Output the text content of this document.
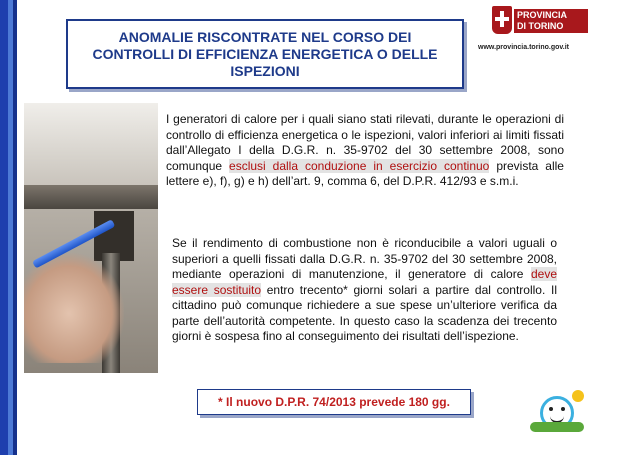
ANOMALIE RISCONTRATE NEL CORSO DEI
CONTROLLI DI EFFICIENZA ENERGETICA O DELLE
ISPEZIONI
PROVINCIA
DI TORINO
www.provincia.torino.gov.it
I generatori di calore per i quali siano stati rilevati, durante le operazioni di controllo di efficienza energetica o le ispezioni, valori inferiori ai limiti fissati dall’Allegato I della D.G.R. n. 35-9702 del 30 settembre 2008, sono comunque esclusi dalla conduzione in esercizio continuo prevista alle lettere e), f), g) e h) dell’art. 9, comma 6, del D.P.R. 412/93 e s.m.i.
Se il rendimento di combustione non è riconducibile a valori uguali o superiori a quelli fissati dalla D.G.R. n. 35-9702 del 30 settembre 2008, mediante operazioni di manutenzione, il generatore di calore deve essere sostituito entro trecento* giorni solari a partire dal controllo. Il cittadino può comunque richiedere a sue spese un’ulteriore verifica da parte dell’autorità competente. In questo caso la scadenza dei trecento giorni è sospesa fino al conseguimento dei risultati dell’ispezione.
* Il nuovo D.P.R. 74/2013 prevede 180 gg.
